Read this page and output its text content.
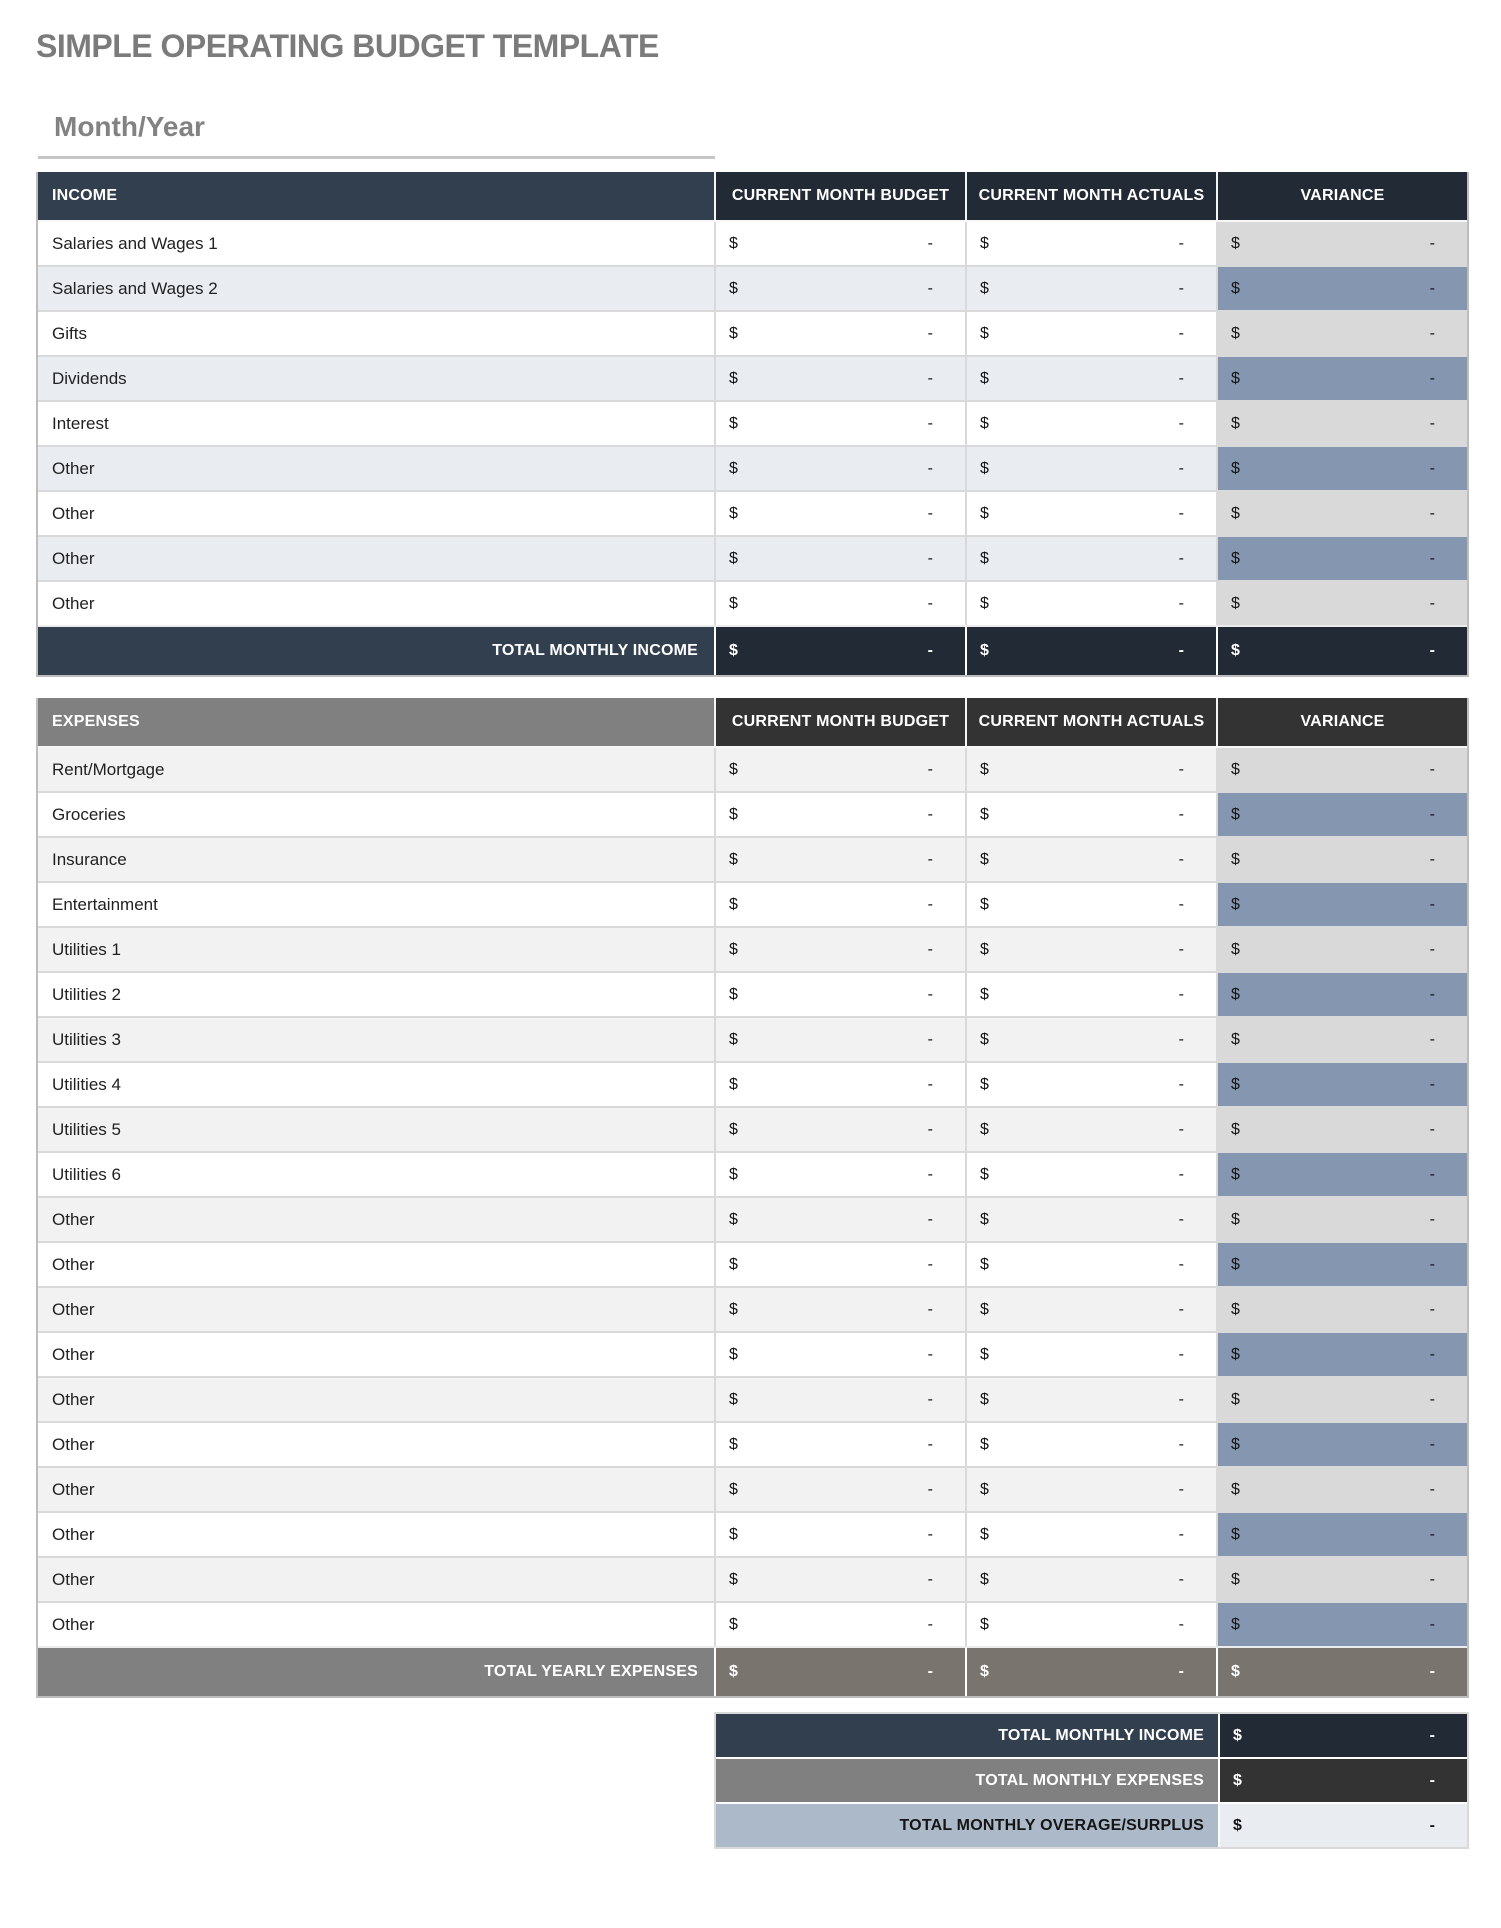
SIMPLE OPERATING BUDGET TEMPLATE
Month/Year
INCOME	CURRENT MONTH BUDGET	CURRENT MONTH ACTUALS	VARIANCE
Salaries and Wages 1	$	-	$	-	$	-
Salaries and Wages 2	$	-	$	-	$	-
Gifts	$	-	$	-	$	-
Dividends	$	-	$	-	$	-
Interest	$	-	$	-	$	-
Other	$	-	$	-	$	-
Other	$	-	$	-	$	-
Other	$	-	$	-	$	-
Other	$	-	$	-	$	-
TOTAL MONTHLY INCOME	$	-	$	-	$	-
EXPENSES	CURRENT MONTH BUDGET	CURRENT MONTH ACTUALS	VARIANCE
Rent/Mortgage	$	-	$	-	$	-
Groceries	$	-	$	-	$	-
Insurance	$	-	$	-	$	-
Entertainment	$	-	$	-	$	-
Utilities 1	$	-	$	-	$	-
Utilities 2	$	-	$	-	$	-
Utilities 3	$	-	$	-	$	-
Utilities 4	$	-	$	-	$	-
Utilities 5	$	-	$	-	$	-
Utilities 6	$	-	$	-	$	-
Other	$	-	$	-	$	-
Other	$	-	$	-	$	-
Other	$	-	$	-	$	-
Other	$	-	$	-	$	-
Other	$	-	$	-	$	-
Other	$	-	$	-	$	-
Other	$	-	$	-	$	-
Other	$	-	$	-	$	-
Other	$	-	$	-	$	-
Other	$	-	$	-	$	-
TOTAL YEARLY EXPENSES	$	-	$	-	$	-
TOTAL MONTHLY INCOME	$	-
TOTAL MONTHLY EXPENSES	$	-
TOTAL MONTHLY OVERAGE/SURPLUS	$	-
